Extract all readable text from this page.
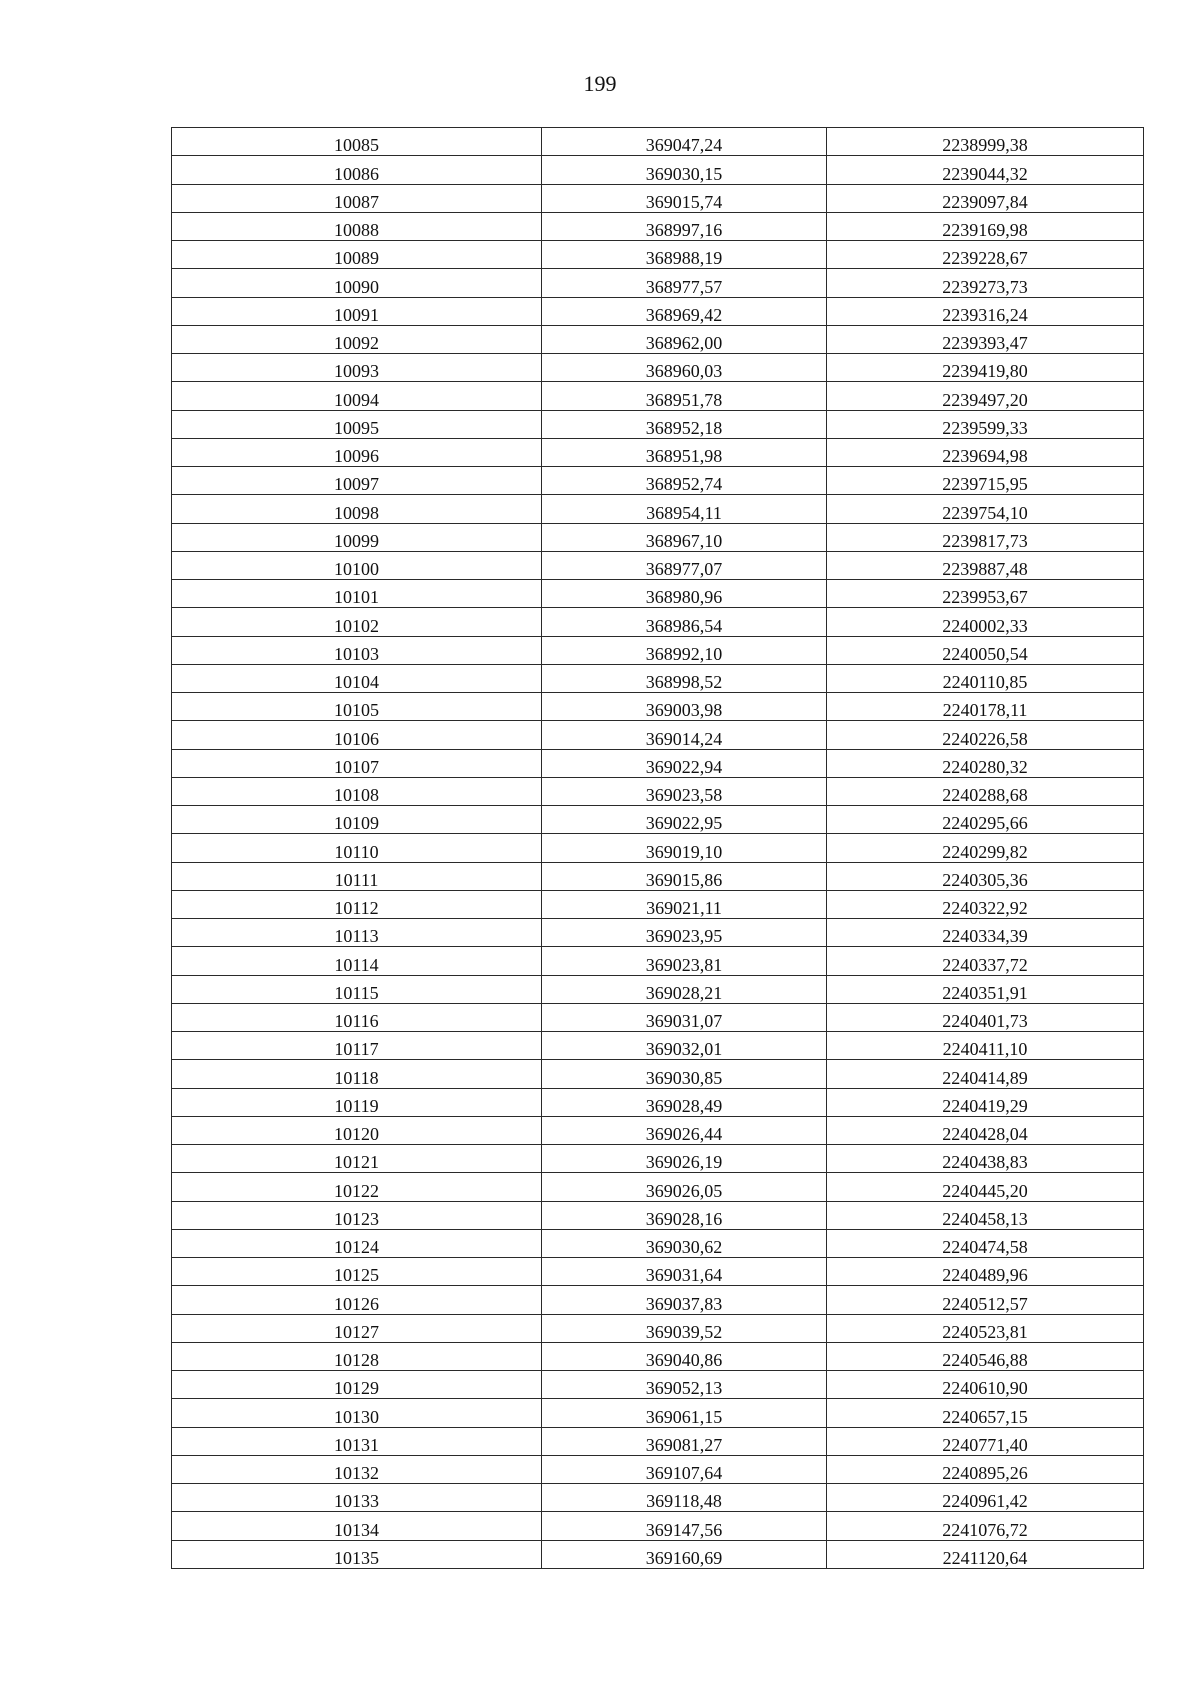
199
10085	369047,24	2238999,38
10086	369030,15	2239044,32
10087	369015,74	2239097,84
10088	368997,16	2239169,98
10089	368988,19	2239228,67
10090	368977,57	2239273,73
10091	368969,42	2239316,24
10092	368962,00	2239393,47
10093	368960,03	2239419,80
10094	368951,78	2239497,20
10095	368952,18	2239599,33
10096	368951,98	2239694,98
10097	368952,74	2239715,95
10098	368954,11	2239754,10
10099	368967,10	2239817,73
10100	368977,07	2239887,48
10101	368980,96	2239953,67
10102	368986,54	2240002,33
10103	368992,10	2240050,54
10104	368998,52	2240110,85
10105	369003,98	2240178,11
10106	369014,24	2240226,58
10107	369022,94	2240280,32
10108	369023,58	2240288,68
10109	369022,95	2240295,66
10110	369019,10	2240299,82
10111	369015,86	2240305,36
10112	369021,11	2240322,92
10113	369023,95	2240334,39
10114	369023,81	2240337,72
10115	369028,21	2240351,91
10116	369031,07	2240401,73
10117	369032,01	2240411,10
10118	369030,85	2240414,89
10119	369028,49	2240419,29
10120	369026,44	2240428,04
10121	369026,19	2240438,83
10122	369026,05	2240445,20
10123	369028,16	2240458,13
10124	369030,62	2240474,58
10125	369031,64	2240489,96
10126	369037,83	2240512,57
10127	369039,52	2240523,81
10128	369040,86	2240546,88
10129	369052,13	2240610,90
10130	369061,15	2240657,15
10131	369081,27	2240771,40
10132	369107,64	2240895,26
10133	369118,48	2240961,42
10134	369147,56	2241076,72
10135	369160,69	2241120,64
